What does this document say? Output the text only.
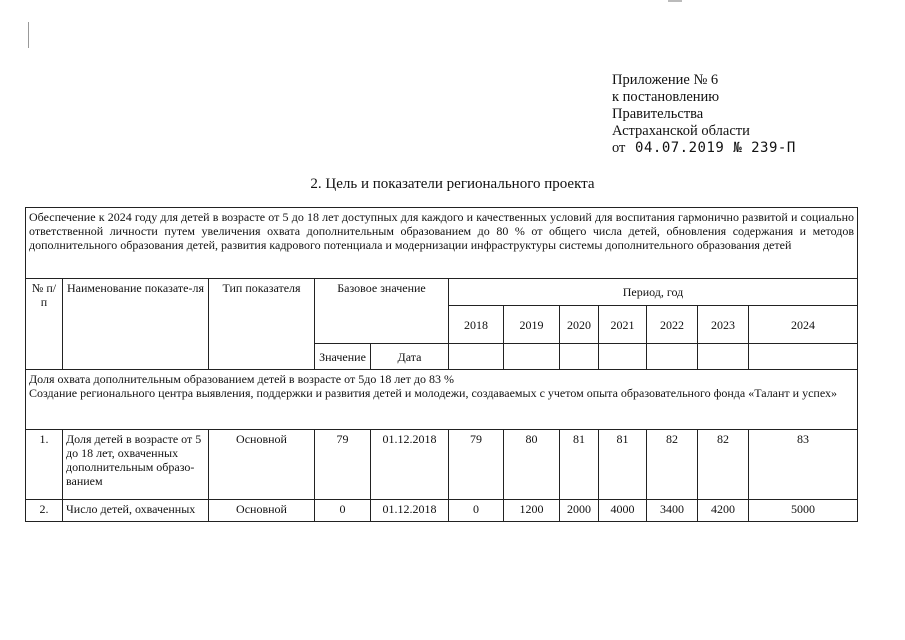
Приложение № 6
к постановлению
Правительства
Астраханской области
от 04.07.2019 № 239-П
2. Цель и показатели регионального проекта
Обеспечение к 2024 году для детей в возрасте от 5 до 18 лет доступных для каждого и качественных условий для воспитания гармонично развитой и социально ответственной личности путем увеличения охвата дополнительным образованием до 80 % от общего числа детей, обновления содержания и методов дополнительного образования детей, развития кадрового потенциала и модернизации инфраструктуры системы дополнительного образования детей											
№ п/п	Наименование показате-ля	Тип показателя	Базовое значение		Период, год						
					2018	2019	2020	2021	2022	2023	2024
			Значение	Дата							

Доля охвата дополнительным образованием детей в возрасте от 5до 18 лет до 83 %
Создание регионального центра выявления, поддержки и развития детей и молодежи, создаваемых с учетом опыта образовательного фонда «Талант и успех»											

1.	Доля детей в возрасте от 5 до 18 лет, охваченных дополнительным образо-ванием	Основной	79	01.12.2018	79	80	81	81	82	82	83
2.	Число детей, охваченных	Основной	0	01.12.2018	0	1200	2000	4000	3400	4200	5000
